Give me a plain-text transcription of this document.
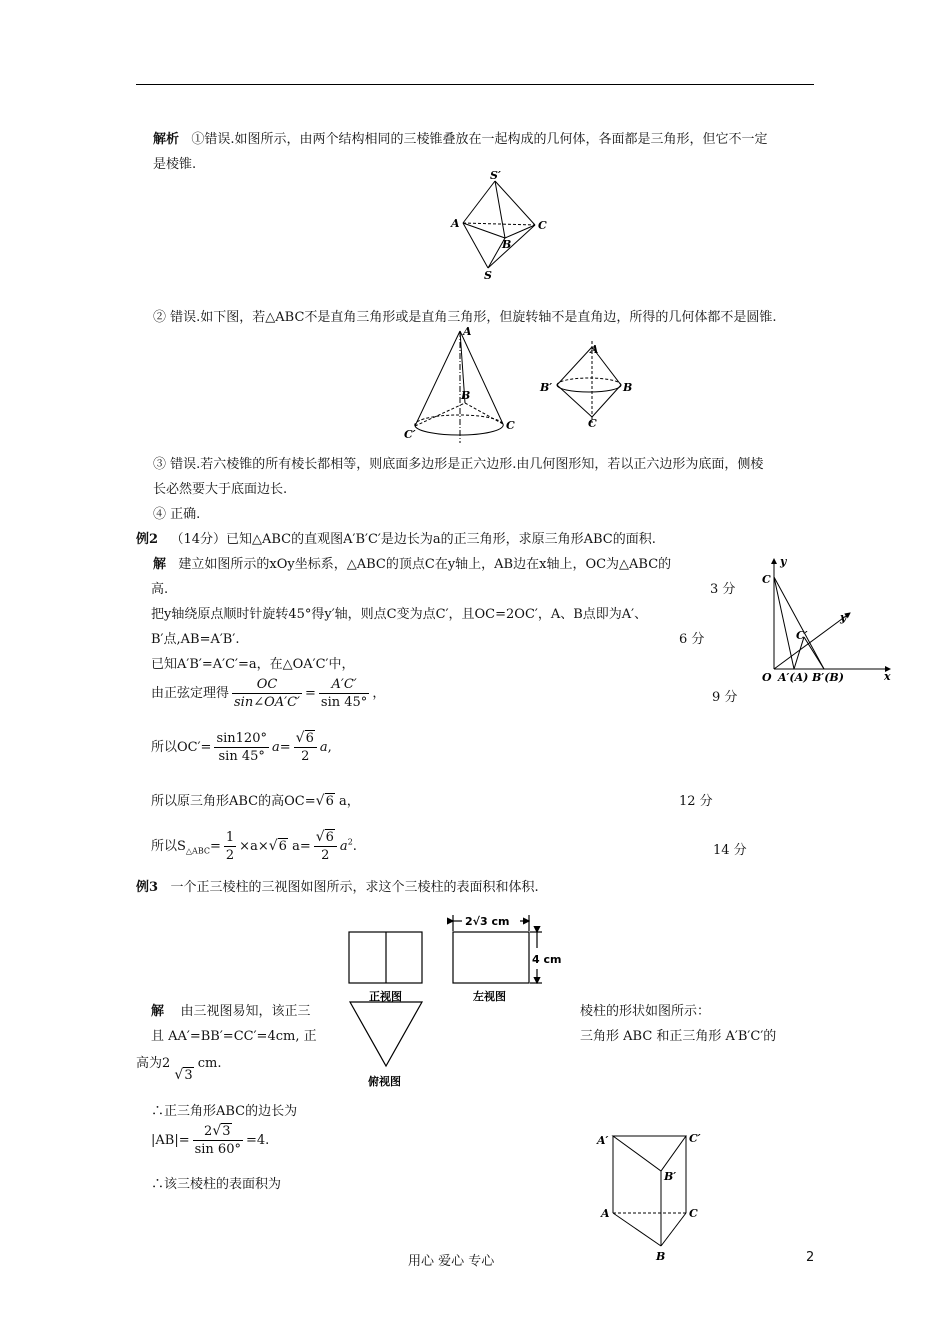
解析 ①错误.如图所示，由两个结构相同的三棱锥叠放在一起构成的几何体，各面都是三角形，但它不一定
是棱锥.
S′
A	C
B
S
② 错误.如下图，若△ABC不是直角三角形或是直角三角形，但旋转轴不是直角边，所得的几何体都不是圆锥.
A
B
C
C′
A
B′	B
C
③ 错误.若六棱锥的所有棱长都相等，则底面多边形是正六边形.由几何图形知，若以正六边形为底面，侧棱
长必然要大于底面边长.
④ 正确.
例2 （14分）已知△ABC的直观图A′B′C′是边长为a的正三角形，求原三角形ABC的面积.
解 建立如图所示的xOy坐标系，△ABC的顶点C在y轴上，AB边在x轴上，OC为△ABC的
高.	3 分
把y轴绕原点顺时针旋转45°得y′轴，则点C变为点C′，且OC=2OC′，A、B点即为A′、
B′点,AB=A′B′.	6 分
已知A′B′=A′C′=a，在△OA′C′中，
由正弦定理得 $\frac{OC}{\sin\angle OA'C'} = \frac{A'C'}{\sin 45^\circ}$ ，	9 分
所以$OC'= \frac{\sin 120^\circ}{\sin 45^\circ} a= \frac{√6}{2} a$,
所以原三角形ABC的高OC=√6 a，	12 分
所以$S_{\triangle ABC}= \frac{1}{2} \times a\times√6$ $a= \frac{√6}{2} a^2$.	14 分
y
C
C′
y′
O A′(A) B′(B)	x
例3 一个正三棱柱的三视图如图所示，求这个三棱柱的表面积和体积.
2√3 cm
4 cm
正视图	左视图
俯视图
解 由三视图易知，该正三	棱柱的形状如图所示：
且 AA′=BB′=CC′=4cm, 正	三角形 ABC 和正三角形 A′B′C′的
高为2 √3 cm.
∴正三角形ABC的边长为
$|AB|= \frac{2√3}{\sin 60^\circ} =4$.
∴该三棱柱的表面积为
A′	C′
B′
A	C
B
用心 爱心 专心	2
